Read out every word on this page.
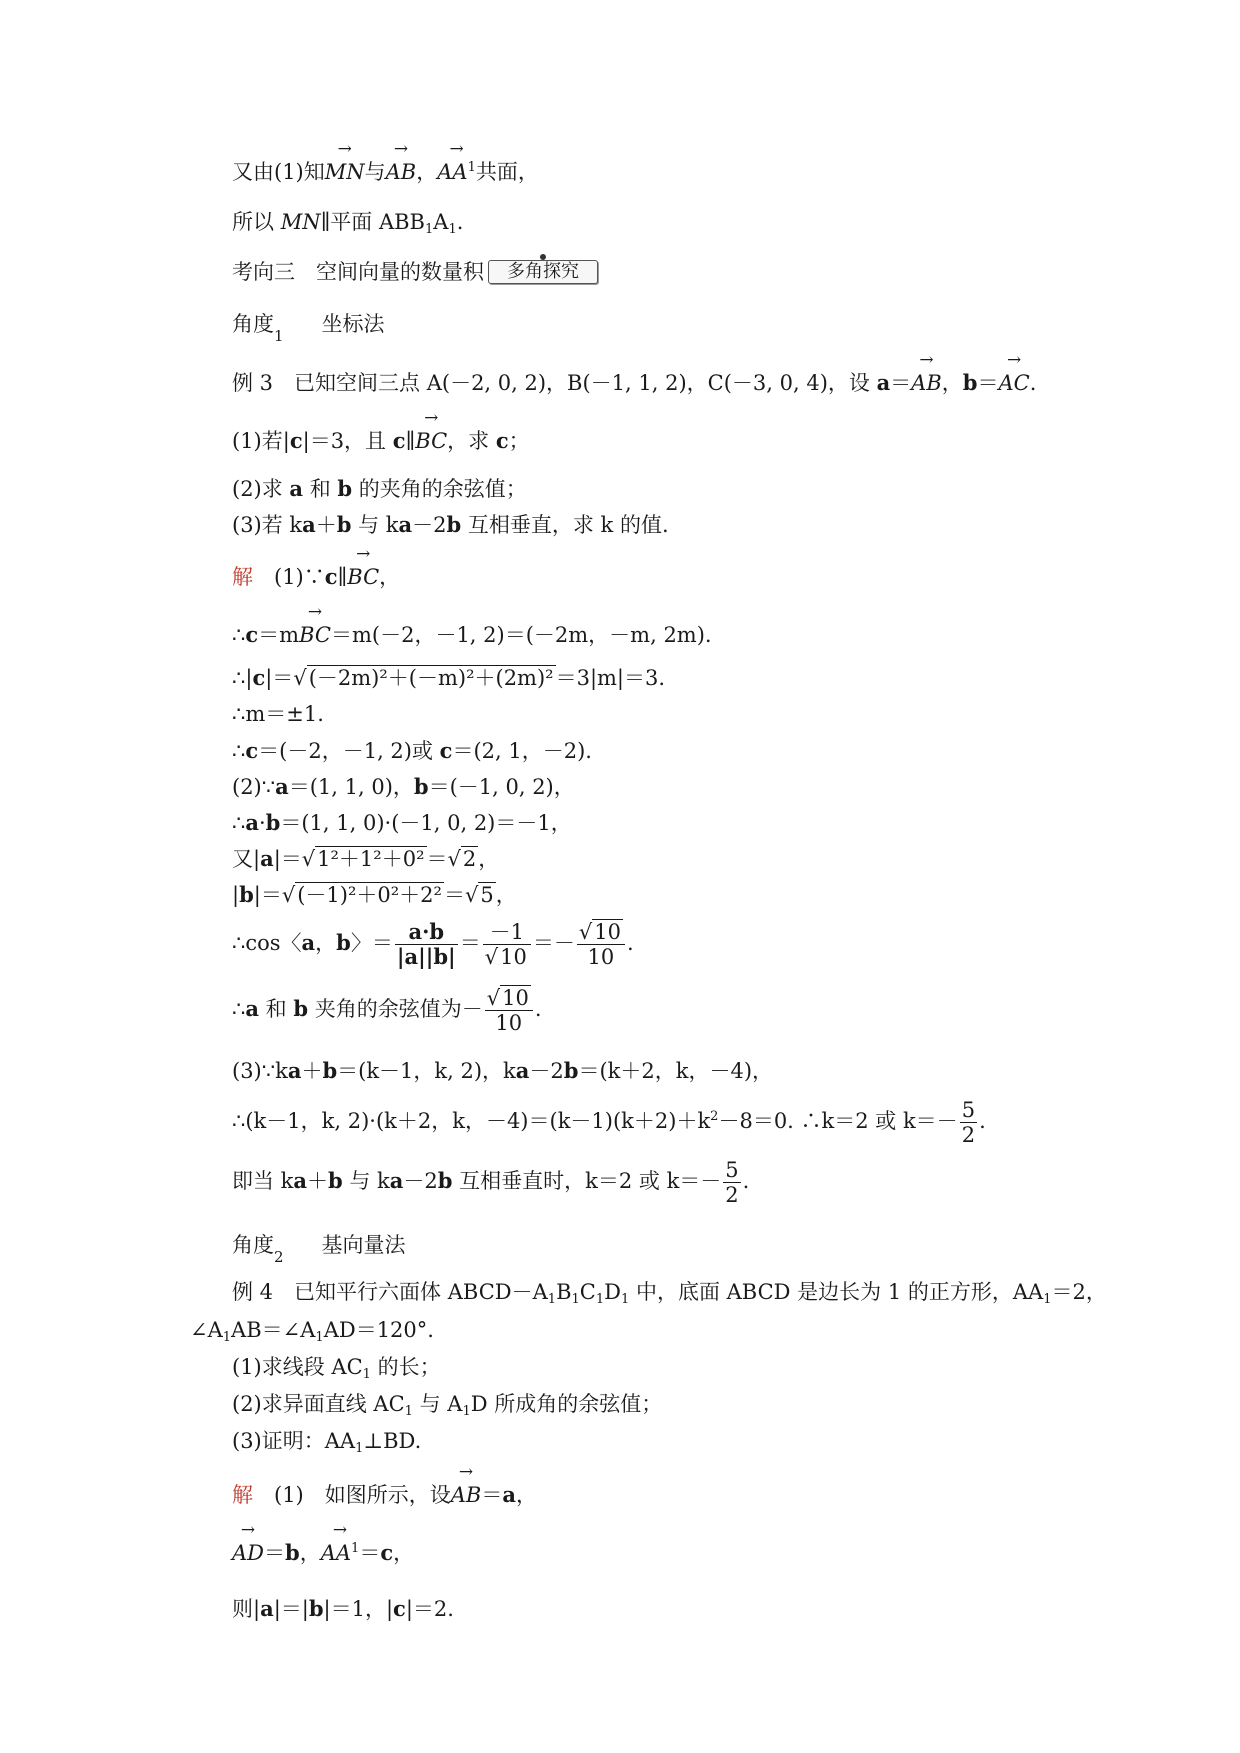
又由(1)知→ MN与→ AB，→ $AA^1$共面，
所以 MN∥平面 $ABB_1A_1$.
考向三　空间向量的数量积 多角探究
角度$_1$ 坐标法
例 3　已知空间三点 A(－2, 0, 2)，B(－1, 1, 2)，C(－3, 0, 4)，设 a＝→ AB，b＝→ AC.
(1)若|c|＝3，且 c∥→ BC，求 c；
(2)求 a 和 b 的夹角的余弦值；
(3)若 ka＋b 与 ka－2b 互相垂直，求 k 的值.
解　(1)∵c∥→ BC，
∴c＝m→ BC＝m(－2，－1, 2)＝(－2m，－m, 2m).
∴|c|＝√(－2m)²＋(－m)²＋(2m)²＝3|m|＝3.
∴m＝±1.
∴c＝(－2，－1, 2)或 c＝(2, 1，－2).
(2)∵a＝(1, 1, 0)，b＝(－1, 0, 2)，
∴a·b＝(1, 1, 0)·(－1, 0, 2)＝－1，
又|a|＝√1²＋1²＋0²＝√2，
|b|＝√(－1)²＋0²＋2²＝√5，
∴cos〈a，b〉＝ $\frac{a\cdot b}{|a||b|} = \frac{-1}{√10} =- \frac{√10}{10}$ .
∴a 和 b 夹角的余弦值为－ $\frac{√10}{10}$ .
(3)∵ka＋b＝(k－1，k, 2)，ka－2b＝(k＋2，k，－4)，
∴(k－1，k, 2)·(k＋2，k，$-4)=(k-1)(k+2)+k^2-8=0$. ∴k＝2 或 $k=- \frac{5}{2}$ .
即当 ka＋b 与 ka－2b 互相垂直时，k＝2 或 $k=- \frac{5}{2}$ .
角度$_2$ 基向量法
例 4　已知平行六面体 $ABCD-A_1B_1C_1D_1$ 中，底面 ABCD 是边长为 1 的正方形，$AA_1=2$，
$\angle A_1AB=\angle A_1AD=120^\circ$.
(1)求线段 $AC_1$ 的长；
(2)求异面直线 $AC_1$ 与 $A_1D$ 所成角的余弦值；
(3)证明：$AA_1\perp BD$.
解　(1)　如图所示，设→ AB＝a，
→ AD＝b，→ $AA^1=c$，
则|a|＝|b|＝1，|c|＝2.
